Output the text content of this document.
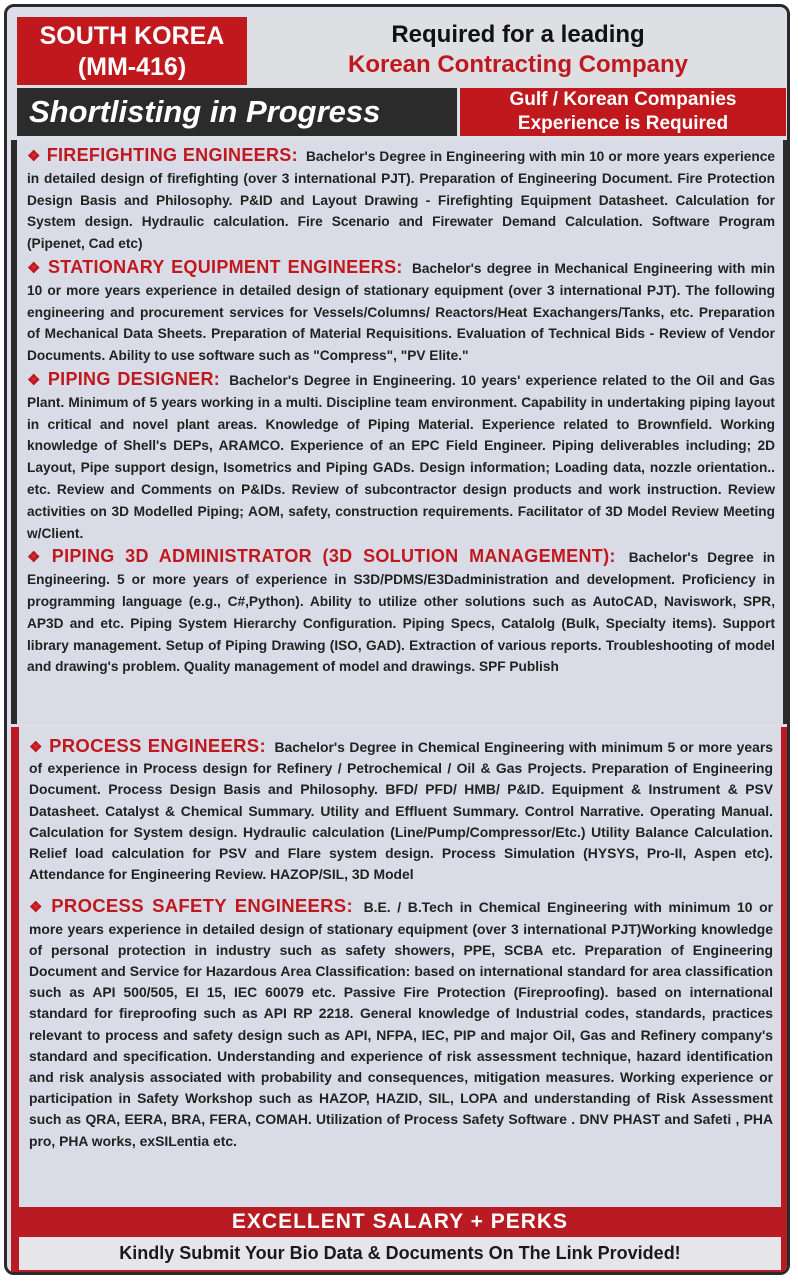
SOUTH KOREA
(MM-416)
Required for a leading
Korean Contracting Company
Shortlisting in Progress	Gulf / Korean Companies
Experience is Required

❖ FIREFIGHTING ENGINEERS: Bachelor's Degree in Engineering with min 10 or more years experience in detailed design of firefighting (over 3 international PJT). Preparation of Engineering Document. Fire Protection Design Basis and Philosophy. P&ID and Layout Drawing - Firefighting Equipment Datasheet. Calculation for System design. Hydraulic calculation. Fire Scenario and Firewater Demand Calculation. Software Program (Pipenet, Cad etc)

❖ STATIONARY EQUIPMENT ENGINEERS: Bachelor's degree in Mechanical Engineering with min 10 or more years experience in detailed design of stationary equipment (over 3 international PJT). The following engineering and procurement services for Vessels/Columns/ Reactors/Heat Exachangers/Tanks, etc. Preparation of Mechanical Data Sheets. Preparation of Material Requisitions. Evaluation of Technical Bids - Review of Vendor Documents. Ability to use software such as "Compress", "PV Elite."

❖ PIPING DESIGNER: Bachelor's Degree in Engineering. 10 years' experience related to the Oil and Gas Plant. Minimum of 5 years working in a multi. Discipline team environment. Capability in undertaking piping layout in critical and novel plant areas. Knowledge of Piping Material. Experience related to Brownfield. Working knowledge of Shell's DEPs, ARAMCO. Experience of an EPC Field Engineer. Piping deliverables including; 2D Layout, Pipe support design, Isometrics and Piping GADs. Design information; Loading data, nozzle orientation.. etc. Review and Comments on P&IDs. Review of subcontractor design products and work instruction. Review activities on 3D Modelled Piping; AOM, safety, construction requirements. Facilitator of 3D Model Review Meeting w/Client.

❖ PIPING 3D ADMINISTRATOR (3D SOLUTION MANAGEMENT): Bachelor's Degree in Engineering. 5 or more years of experience in S3D/PDMS/E3Dadministration and development. Proficiency in programming language (e.g., C#,Python). Ability to utilize other solutions such as AutoCAD, Naviswork, SPR, AP3D and etc. Piping System Hierarchy Configuration. Piping Specs, Catalolg (Bulk, Specialty items). Support library management. Setup of Piping Drawing (ISO, GAD). Extraction of various reports. Troubleshooting of model and drawing's problem. Quality management of model and drawings. SPF Publish

❖ PROCESS ENGINEERS: Bachelor's Degree in Chemical Engineering with minimum 5 or more years of experience in Process design for Refinery / Petrochemical / Oil & Gas Projects. Preparation of Engineering Document. Process Design Basis and Philosophy. BFD/ PFD/ HMB/ P&ID. Equipment & Instrument & PSV Datasheet. Catalyst & Chemical Summary. Utility and Effluent Summary. Control Narrative. Operating Manual. Calculation for System design. Hydraulic calculation (Line/Pump/Compressor/Etc.) Utility Balance Calculation. Relief load calculation for PSV and Flare system design. Process Simulation (HYSYS, Pro-II, Aspen etc). Attendance for Engineering Review. HAZOP/SIL, 3D Model

❖ PROCESS SAFETY ENGINEERS: B.E. / B.Tech in Chemical Engineering with minimum 10 or more years experience in detailed design of stationary equipment (over 3 international PJT)Working knowledge of personal protection in industry such as safety showers, PPE, SCBA etc. Preparation of Engineering Document and Service for Hazardous Area Classification: based on international standard for area classification such as API 500/505, EI 15, IEC 60079 etc. Passive Fire Protection (Fireproofing). based on international standard for fireproofing such as API RP 2218. General knowledge of Industrial codes, standards, practices relevant to process and safety design such as API, NFPA, IEC, PIP and major Oil, Gas and Refinery company's standard and specification. Understanding and experience of risk assessment technique, hazard identification and risk analysis associated with probability and consequences, mitigation measures. Working experience or participation in Safety Workshop such as HAZOP, HAZID, SIL, LOPA and understanding of Risk Assessment such as QRA, EERA, BRA, FERA, COMAH. Utilization of Process Safety Software . DNV PHAST and Safeti , PHA pro, PHA works, exSILentia etc.

EXCELLENT SALARY + PERKS
Kindly Submit Your Bio Data & Documents On The Link Provided!
